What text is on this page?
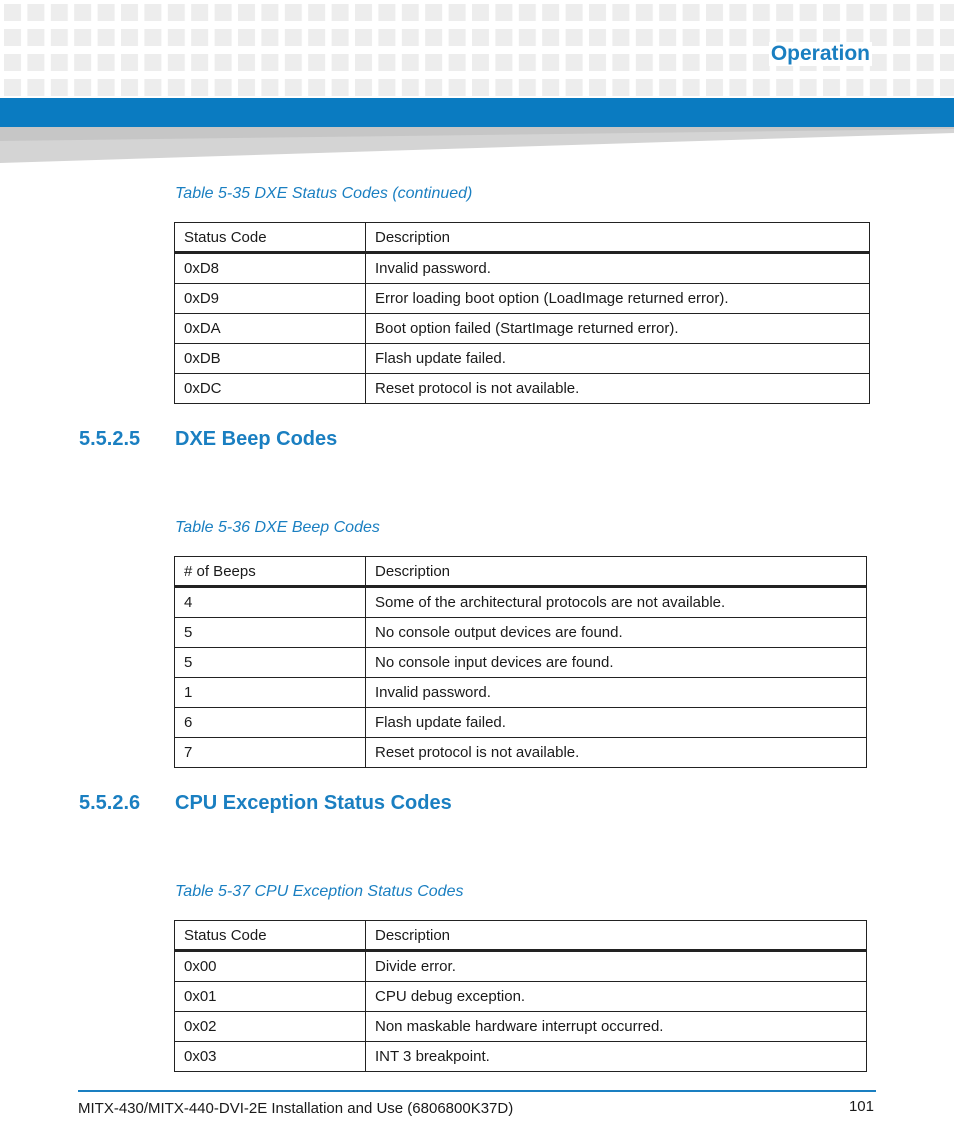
Operation
Table 5-35 DXE Status Codes (continued)
Status Code	Description
0xD8	Invalid password.
0xD9	Error loading boot option (LoadImage returned error).
0xDA	Boot option failed (StartImage returned error).
0xDB	Flash update failed.
0xDC	Reset protocol is not available.
5.5.2.5 DXE Beep Codes
Table 5-36 DXE Beep Codes
# of Beeps	Description
4	Some of the architectural protocols are not available.
5	No console output devices are found.
5	No console input devices are found.
1	Invalid password.
6	Flash update failed.
7	Reset protocol is not available.
5.5.2.6 CPU Exception Status Codes
Table 5-37 CPU Exception Status Codes
Status Code	Description
0x00	Divide error.
0x01	CPU debug exception.
0x02	Non maskable hardware interrupt occurred.
0x03	INT 3 breakpoint.
MITX-430/MITX-440-DVI-2E Installation and Use (6806800K37D)	101
